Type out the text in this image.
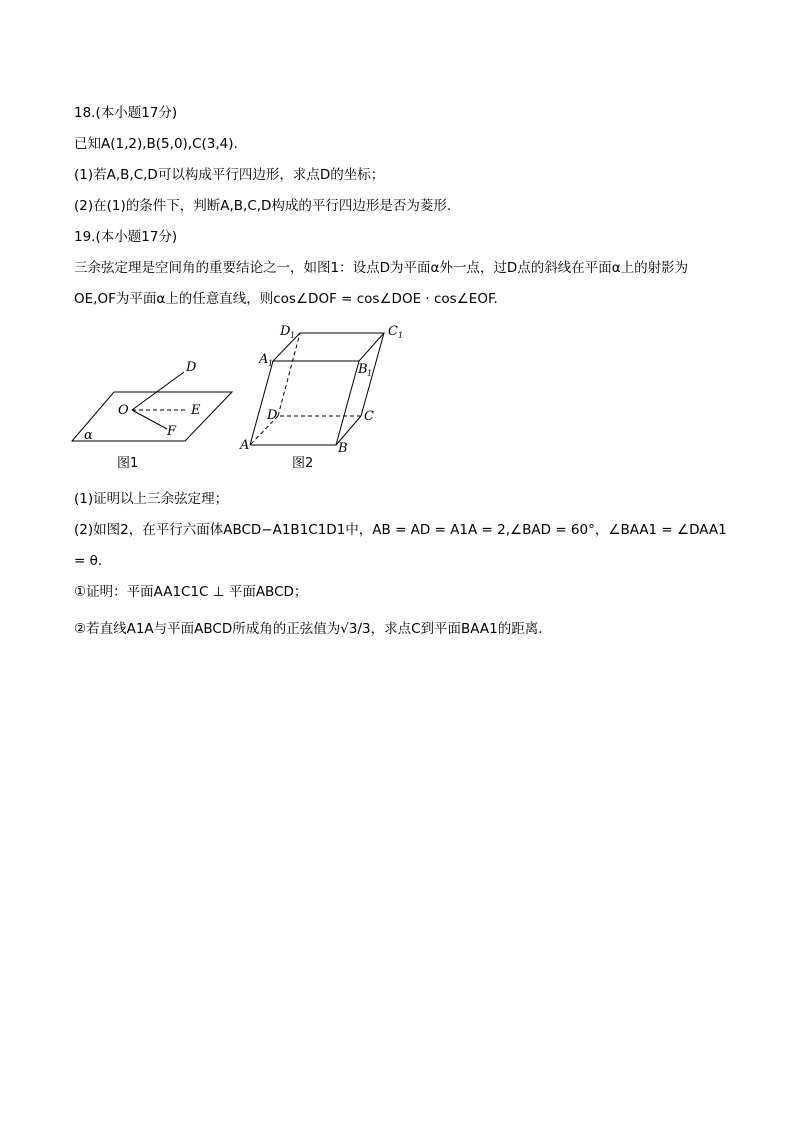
18.(本小题17分)
已知A(1,2),B(5,0),C(3,4).
(1)若A,B,C,D可以构成平行四边形，求点D的坐标；
(2)在(1)的条件下，判断A,B,C,D构成的平行四边形是否为菱形.
19.(本小题17分)
三余弦定理是空间角的重要结论之一，如图1：设点D为平面α外一点，过D点的斜线在平面α上的射影为
OE,OF为平面α上的任意直线，则cos∠DOF = cos∠DOE · cos∠EOF.
D
O	E
F
α
图1
D 1	C 1
A 1	B 1
D	C
A	B
图2
(1)证明以上三余弦定理；
(2)如图2，在平行六面体ABCD−A1B1C1D1中，AB = AD = A1A = 2,∠BAD = 60°，∠BAA1 = ∠DAA1
= θ.
①证明：平面AA1C1C ⊥ 平面ABCD；
②若直线A1A与平面ABCD所成角的正弦值为√3/3，求点C到平面BAA1的距离.
